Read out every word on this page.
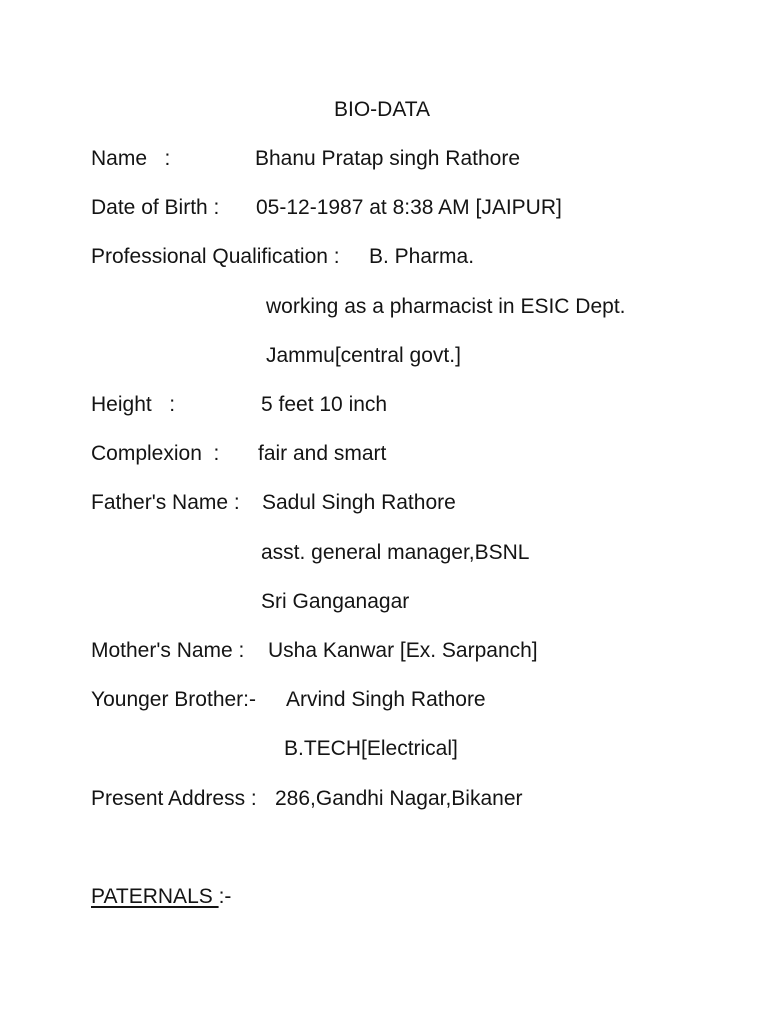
BIO-DATA
Name   :	Bhanu Pratap singh Rathore
Date of Birth : 05-12-1987 at 8:38 AM [JAIPUR]
Professional Qualification : B. Pharma.
working as a pharmacist in ESIC Dept.
Jammu[central govt.]
Height   :	5 feet 10 inch
Complexion  : fair and smart
Father's Name : Sadul Singh Rathore
asst. general manager,BSNL
Sri Ganganagar
Mother's Name : Usha Kanwar [Ex. Sarpanch]
Younger Brother:- Arvind Singh Rathore
B.TECH[Electrical]
Present Address : 286,Gandhi Nagar,Bikaner
PATERNALS :-
